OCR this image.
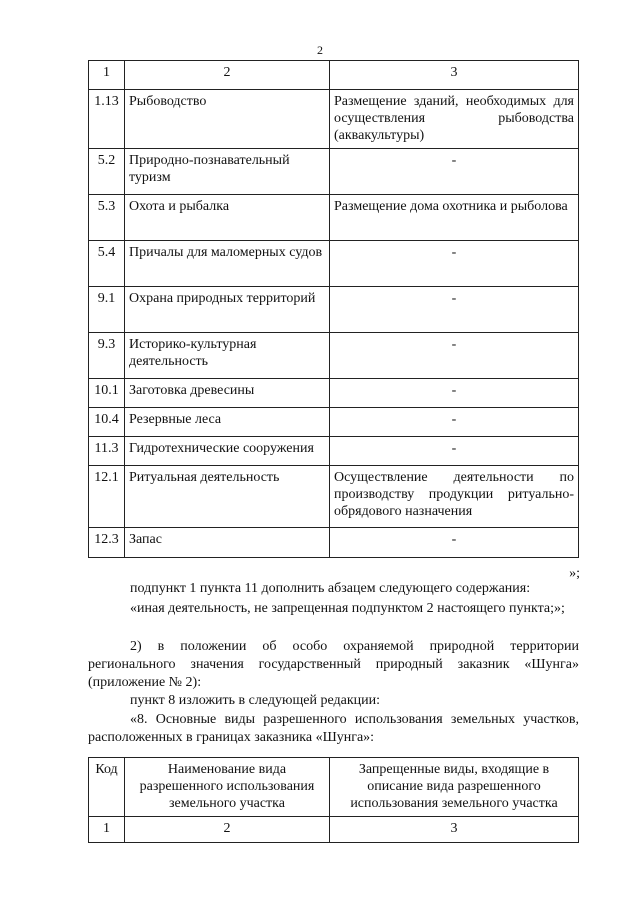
2
1	2	3
1.13	Рыбоводство	Размещение зданий, необходимых для осуществления рыбоводства (аквакультуры)
5.2	Природно-познавательный туризм	-
5.3	Охота и рыбалка	Размещение дома охотника и рыболова
5.4	Причалы для маломерных судов	-
9.1	Охрана природных территорий	-
9.3	Историко-культурная деятельность	-
10.1	Заготовка древесины	-
10.4	Резервные леса	-
11.3	Гидротехнические сооружения	-
12.1	Ритуальная деятельность	Осуществление деятельности по производству продукции ритуально-обрядового назначения
12.3	Запас	-
»;
подпункт 1 пункта 11 дополнить абзацем следующего содержания:
«иная деятельность, не запрещенная подпунктом 2 настоящего пункта;»;
2) в положении об особо охраняемой природной территории регионального значения государственный природный заказник «Шунга» (приложение № 2):
пункт 8 изложить в следующей редакции:
«8. Основные виды разрешенного использования земельных участков, расположенных в границах заказника «Шунга»:
Код	Наименование вида разрешенного использования земельного участка	Запрещенные виды, входящие в описание вида разрешенного использования земельного участка
1	2	3
